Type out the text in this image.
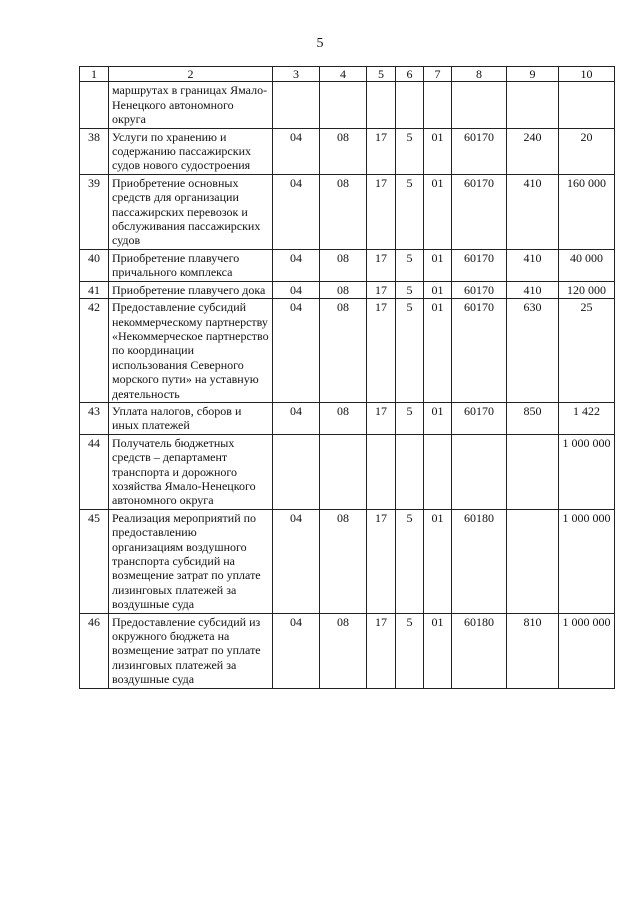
5
1	2	3	4	5	6	7	8	9	10
	маршрутах в границах Ямало-Ненецкого автономного округа								
38	Услуги по хранению и содержанию пассажирских судов нового судостроения	04	08	17	5	01	60170	240	20
39	Приобретение основных средств для организации пассажирских перевозок и обслуживания пассажирских судов	04	08	17	5	01	60170	410	160 000
40	Приобретение плавучего причального комплекса	04	08	17	5	01	60170	410	40 000
41	Приобретение плавучего дока	04	08	17	5	01	60170	410	120 000
42	Предоставление субсидий некоммерческому партнерству «Некоммерческое партнерство по координации использования Северного морского пути» на уставную деятельность	04	08	17	5	01	60170	630	25
43	Уплата налогов, сборов и иных платежей	04	08	17	5	01	60170	850	1 422
44	Получатель бюджетных средств – департамент транспорта и дорожного хозяйства Ямало-Ненецкого автономного округа								1 000 000
45	Реализация мероприятий по предоставлению организациям воздушного транспорта субсидий на возмещение затрат по уплате лизинговых платежей за воздушные суда	04	08	17	5	01	60180		1 000 000
46	Предоставление субсидий из окружного бюджета на возмещение затрат по уплате лизинговых платежей за воздушные суда	04	08	17	5	01	60180	810	1 000 000
